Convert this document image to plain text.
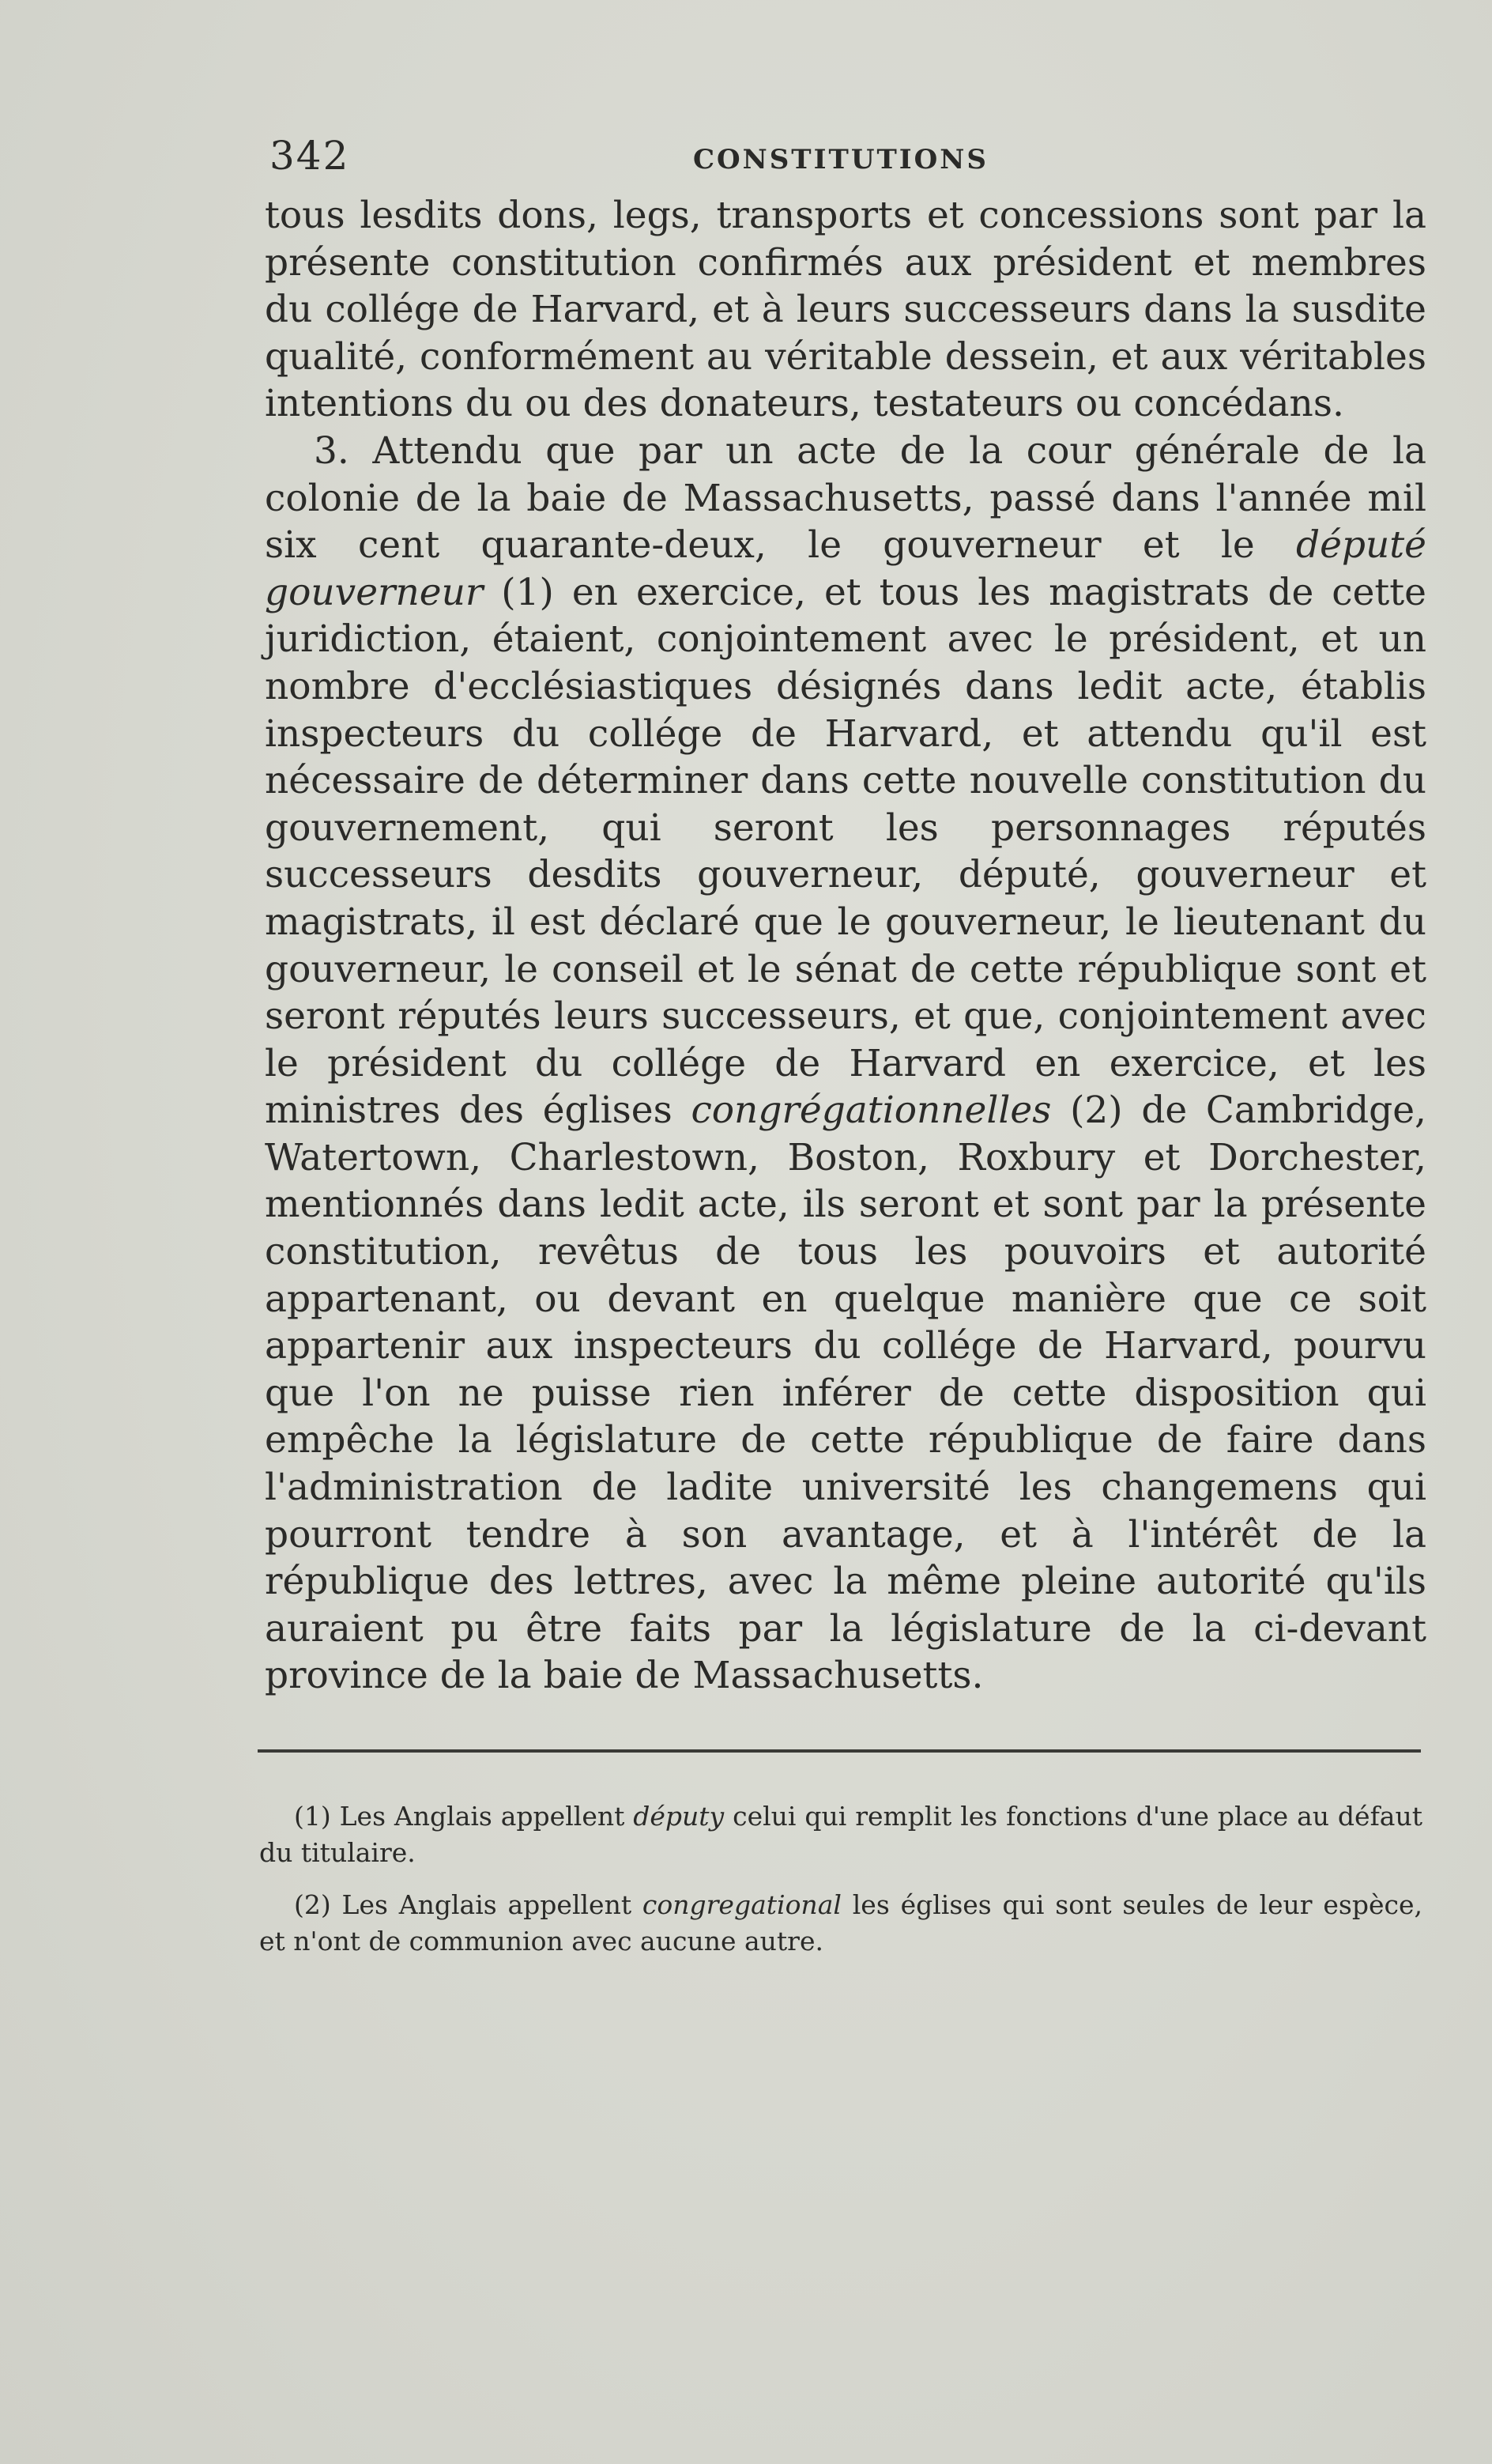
342	CONSTITUTIONS

tous lesdits dons, legs, transports et concessions sont par la présente constitution confirmés aux président et membres du collége de Harvard, et à leurs successeurs dans la susdite qualité, conformément au véritable dessein, et aux véritables intentions du ou des donateurs, testateurs ou concédans.

3. Attendu que par un acte de la cour générale de la colonie de la baie de Massachusetts, passé dans l'année mil six cent quarante-deux, le gouverneur et le député gouverneur (1) en exercice, et tous les magistrats de cette juridiction, étaient, conjointement avec le président, et un nombre d'ecclésiastiques désignés dans ledit acte, établis inspecteurs du collége de Harvard, et attendu qu'il est nécessaire de déterminer dans cette nouvelle constitution du gouvernement, qui seront les personnages réputés successeurs desdits gouverneur, député, gouverneur et magistrats, il est déclaré que le gouverneur, le lieutenant du gouverneur, le conseil et le sénat de cette république sont et seront réputés leurs successeurs, et que, conjointement avec le président du collége de Harvard en exercice, et les ministres des églises congrégationnelles (2) de Cambridge, Watertown, Charlestown, Boston, Roxbury et Dorchester, mentionnés dans ledit acte, ils seront et sont par la présente constitution, revêtus de tous les pouvoirs et autorité appartenant, ou devant en quelque manière que ce soit appartenir aux inspecteurs du collége de Harvard, pourvu que l'on ne puisse rien inférer de cette disposition qui empêche la législature de cette république de faire dans l'administration de ladite université les changemens qui pourront tendre à son avantage, et à l'intérêt de la république des lettres, avec la même pleine autorité qu'ils auraient pu être faits par la législature de la ci-devant province de la baie de Massachusetts.

(1) Les Anglais appellent députy celui qui remplit les fonctions d'une place au défaut du titulaire.

(2) Les Anglais appellent congregational les églises qui sont seules de leur espèce, et n'ont de communion avec aucune autre.
